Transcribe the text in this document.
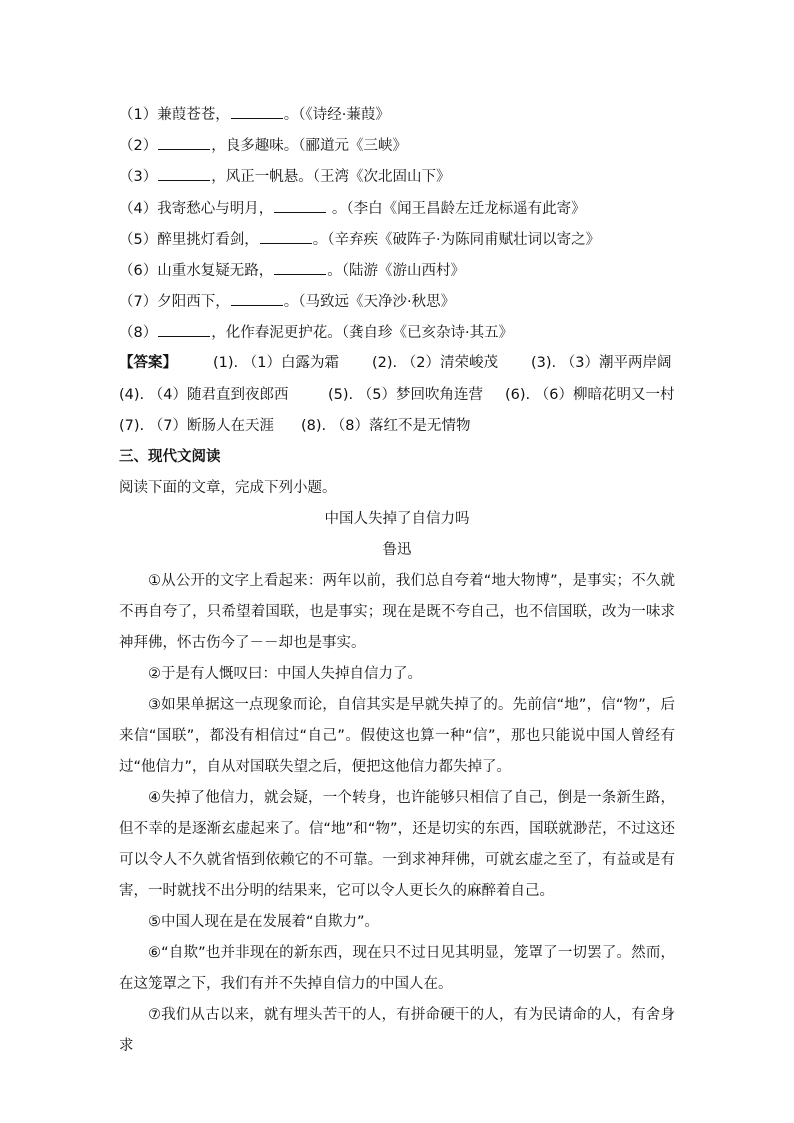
（1）兼葭苍苍，	。（《诗经·蒹葭》
（2）	，良多趣味。（郦道元《三峡》
（3）	，风正一帆悬。（王湾《次北固山下》
（4）我寄愁心与明月，	。（李白《闻王昌龄左迁龙标遥有此寄》
（5）醉里挑灯看剑，	。（辛弃疾《破阵子·为陈同甫赋壮词以寄之》
（6）山重水复疑无路，	。（陆游《游山西村》
（7）夕阳西下，	。（马致远《天净沙·秋思》
（8）	，化作春泥更护花。（龚自珍《已亥杂诗·其五》
【答案】 (1). （1）白露为霜 (2). （2）清荣峻茂 (3). （3）潮平两岸阔
(4). （4）随君直到夜郎西	(5). （5）梦回吹角连营 (6). （6）柳暗花明又一村
(7). （7）断肠人在天涯 (8). （8）落红不是无情物
三、现代文阅读
阅读下面的文章，完成下列小题。
中国人失掉了自信力吗
鲁迅
①从公开的文字上看起来：两年以前，我们总自夸着“地大物博”，是事实；不久就不再自夸了，只希望着国联，也是事实；现在是既不夸自己，也不信国联，改为一味求神拜佛，怀古伤今了－－却也是事实。
②于是有人慨叹曰：中国人失掉自信力了。
③如果单据这一点现象而论，自信其实是早就失掉了的。先前信“地”，信“物”，后来信“国联”，都没有相信过“自己”。假使这也算一种“信”，那也只能说中国人曾经有过“他信力”，自从对国联失望之后，便把这他信力都失掉了。
④失掉了他信力，就会疑，一个转身，也许能够只相信了自己，倒是一条新生路，但不幸的是逐渐玄虚起来了。信“地”和“物”，还是切实的东西，国联就渺茫，不过这还可以令人不久就省悟到依赖它的不可靠。一到求神拜佛，可就玄虚之至了，有益或是有害，一时就找不出分明的结果来，它可以令人更长久的麻醉着自己。
⑤中国人现在是在发展着“自欺力”。
⑥“自欺”也并非现在的新东西，现在只不过日见其明显，笼罩了一切罢了。然而，在这笼罩之下，我们有并不失掉自信力的中国人在。
⑦我们从古以来，就有埋头苦干的人，有拼命硬干的人，有为民请命的人，有舍身求
